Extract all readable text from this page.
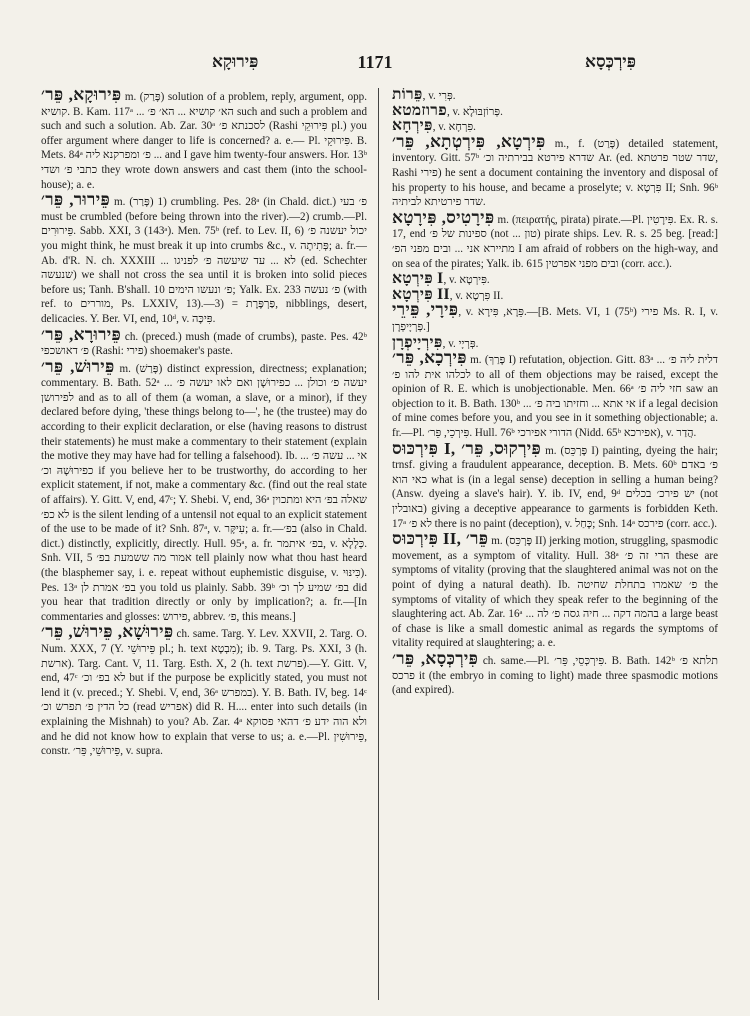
פִּירוּקָא	1171	פִּירְכְּסָא

פִּירוּקָא, פֵּר׳ m. (פָּרַק) solution of a problem, reply, argument, opp. קושיא. B. Kam. 117ᵃ ... הא׳ קושיא ... הא׳ פ׳ such and such a problem and such and such a solution. Ab. Zar. 30ᵃ לסכנתא פ׳ (Rashi פִּירוּקֵי pl.) you offer argument where danger to life is concerned? a. e.— Pl. פִּירוּקֵי. B. Mets. 84ᵃ פ׳ ומפרקנא ליה ... and I gave him twenty-four answers. Hor. 13ᵇ כתבי פ׳ ושדי they wrote down answers and cast them (into the school-house); a. e.

פֵּירוּר, פֵּר׳ m. (פָּרַר) 1) crumbling. Pes. 28ᵃ (in Chald. dict.) פ׳ בעי must be crumbled (before being thrown into the river).—2) crumb.—Pl. פֵּירוּרִים. Sabb. XXI, 3 (143ᵃ). Men. 75ᵇ (ref. to Lev. II, 6) יכול יעשנה פ׳ you might think, he must break it up into crumbs &c., v. פְּתִיתָה; a. fr.—Ab. d'R. N. ch. XXXIII ... לא ... עד שיעשה פ׳ לפניגו (ed. Schechter שנעשה) we shall not cross the sea until it is broken into solid pieces before us; Tanh. B'shall. 10 פ׳ ונעשו הימים; Yalk. Ex. 233 פ׳ נעשה (with ref. to מוררים, Ps. LXXIV, 13).—3) = פַּרְפֶּרֶת, nibblings, desert, delicacies. Y. Ber. VI, end, 10ᵈ, v. פִּיכָּה.

פֵּירוּרָא, פֵּר׳ ch. (preced.) mush (made of crumbs), paste. Pes. 42ᵇ פ׳ דאושכפי (Rashi: פירי) shoemaker's paste.

פֵּירוּשׁ, פֵּר׳ m. (פָּרַשׁ) distinct expression, directness; explanation; commentary. B. Bath. 52ᵃ ... יעשה פ׳ וכולן ... כפירוּשָׁן ואם לאו יעשה פ׳ לפירושן and as to all of them (a woman, a slave, or a minor), if they declared before dying, 'these things belong to—', he (the trustee) may do according to their explicit declaration, or else (having reasons to distrust their statements) he must make a commentary to their statement (explain the motive they may have had for telling a falsehood). Ib. ... אי ... עשה פ׳ כפירוּשָׁהּ וכ׳ if you believe her to be trustworthy, do according to her explicit statement, if not, make a commentary &c. (find out the real state of affairs). Y. Gitt. V, end, 47ᶜ; Y. Shebi. V, end, 36ᵃ שאלה בפ׳ היא ומתכוין לא כפ׳ is the silent lending of a untensil not equal to an explicit statement of the use to be made of it? Snh. 87ᵃ, v. עִיקָּר; a. fr.—בפ׳ (also in Chald. dict.) distinctly, explicitly, directly. Hull. 95ᵃ, a. fr. בפ׳ איתמר, v. כְּלָלָא. Snh. VII, 5 אמור מה ששמעת בפ׳ tell plainly now what thou hast heard (the blasphemer say, i. e. repeat without euphemistic disguise, v. כִּינּוּי). Pes. 13ᵃ בפ׳ אמרת לן you told us plainly. Sabb. 39ᵇ בפ׳ שמיע לך וכ׳ did you hear that tradition directly or only by implication?; a. fr.—[In commentaries and glosses: פירוש, abbrev. פ׳, this means.]

פֵּירוּשָׁא, פֵּירוּשׁ, פֵּר׳ ch. same. Targ. Y. Lev. XXVII, 2. Targ. O. Num. XXX, 7 (Y. פֵּירוּשֵׁי pl.; h. text מִבְטָא); ib. 9. Targ. Ps. XXI, 3 (h. ארשת). Targ. Cant. V, 11. Targ. Esth. X, 2 (h. text פרשת).—Y. Gitt. V, end, 47ᶜ לא בפ׳ וכ׳ but if the purpose be explicitly stated, you must not lend it (v. preced.; Y. Shebi. V, end, 36ᵃ במפרש). Y. B. Bath. IV, beg. 14ᶜ כל הדין פ׳ תפרש וכ׳ (read אפריש) did R. H.... enter into such details (in explaining the Mishnah) to you? Ab. Zar. 4ᵃ ולא הוה ידע פ׳ דהאי פסוקא and he did not know how to explain that verse to us; a. e.—Pl. פֵּירוּשִׁין, constr. פֵּירוּשֵׁי, פֵּר׳, v. supra.

פֵּרוֹת, v. פְּרִי.

פרוזמטא, v. פְּרוֹזְבּוּלָא.

פִּירְחָא, v. פִּרְחָא.

פִּירְטָא, פִּירְטְתָא, פֵּר׳ m., f. (פָּרַט) detailed statement, inventory. Gitt. 57ᵇ שדרא פירטא בבירתיה וכ׳ Ar. (ed. שדר שטר פרטתא, Rashi פירי) he sent a document containing the inventory and disposal of his property to his house, and became a proselyte; v. פִּרְטָא II; Snh. 96ᵇ שדר פירטיתא לביתיה.

פִּירָטִיס, פִּירָטָא m. (πειρατής, pirata) pirate.—Pl. פִּירָטִין. Ex. R. s. 17, end ספינות של פ׳ (not ... טון) pirate ships. Lev. R. s. 25 beg. [read:] מתיירא אני ... ובים מפני הפ׳ I am afraid of robbers on the high-way, and on sea of the pirates; Yalk. ib. 615 ובים מפני אפרטין (corr. acc.).

פִּירְטָא I, v. פִּירְטָא.

פִּירְטָא II, v. פִּרְטָא II.

פִּירָי, פֵּירֵי, v. פֵּרָא, פִּירָא.—[B. Mets. VI, 1 (75ᵇ) פירי Ms. R. I, v. פְּרְיָיפְרָן.]

פִּירְיָיפְרָן, v. פְּרְיָי.

פִּירְכָא, פֵּר׳ m. (פָּרַךְ I) refutation, objection. Gitt. 83ᵃ ... דלית ליה פ׳ לכלהו אית להו פ׳ to all of them objections may be raised, except the opinion of R. E. which is unobjectionable. Men. 66ᵃ חזי ליה פ׳ saw an objection to it. B. Bath. 130ᵇ ... אי אתא ... וחזיתו ביה פ׳ if a legal decision of mine comes before you, and you see in it something objectionable; a. fr.—Pl. פִּירְכֵי, פֵּר׳. Hull. 76ᵇ הדורי אפירכי (Nidd. 65ᵇ אפירכא), v. הֲדַר.

פִּירְכּוּס I, פִּירְקוּס, פֵּר׳ m. (פָּרְכֵּס I) painting, dyeing the hair; trnsf. giving a fraudulent appearance, deception. B. Mets. 60ᵇ פ׳ באדם כאי הוא what is (in a legal sense) deception in selling a human being? (Answ. dyeing a slave's hair). Y. ib. IV, end, 9ᵈ יש פירכ׳ בכלים (not באובלין) giving a deceptive appearance to garments is forbidden Keth. 17ᵃ לא פ׳ there is no paint (deception), v. כָּחַל; Snh. 14ᵃ פירכס (corr. acc.).

פִּירְכּוּס II, פֵּר׳ m. (פָּרְכֵּס II) jerking motion, struggling, spasmodic movement, as a symptom of vitality. Hull. 38ᵃ הרי זה פ׳ these are symptoms of vitality (proving that the slaughtered animal was not on the point of dying a natural death). Ib. פ׳ שאמרו בתחלת שחיטה the symptoms of vitality of which they speak refer to the beginning of the slaughtering act. Ab. Zar. 16ᵃ ... בהמה דקה ... חיה גסה פ׳ לה a large beast of chase is like a small domestic animal as regards the symptoms of vitality required at slaughtering; a. e.

פִּירְכְּסָא, פֵּר׳ ch. same.—Pl. פִּירְכְּסֵי, פֵּר׳. B. Bath. 142ᵇ תלתא פ׳ פרכס it (the embryo in coming to light) made three spasmodic motions (and expired).
